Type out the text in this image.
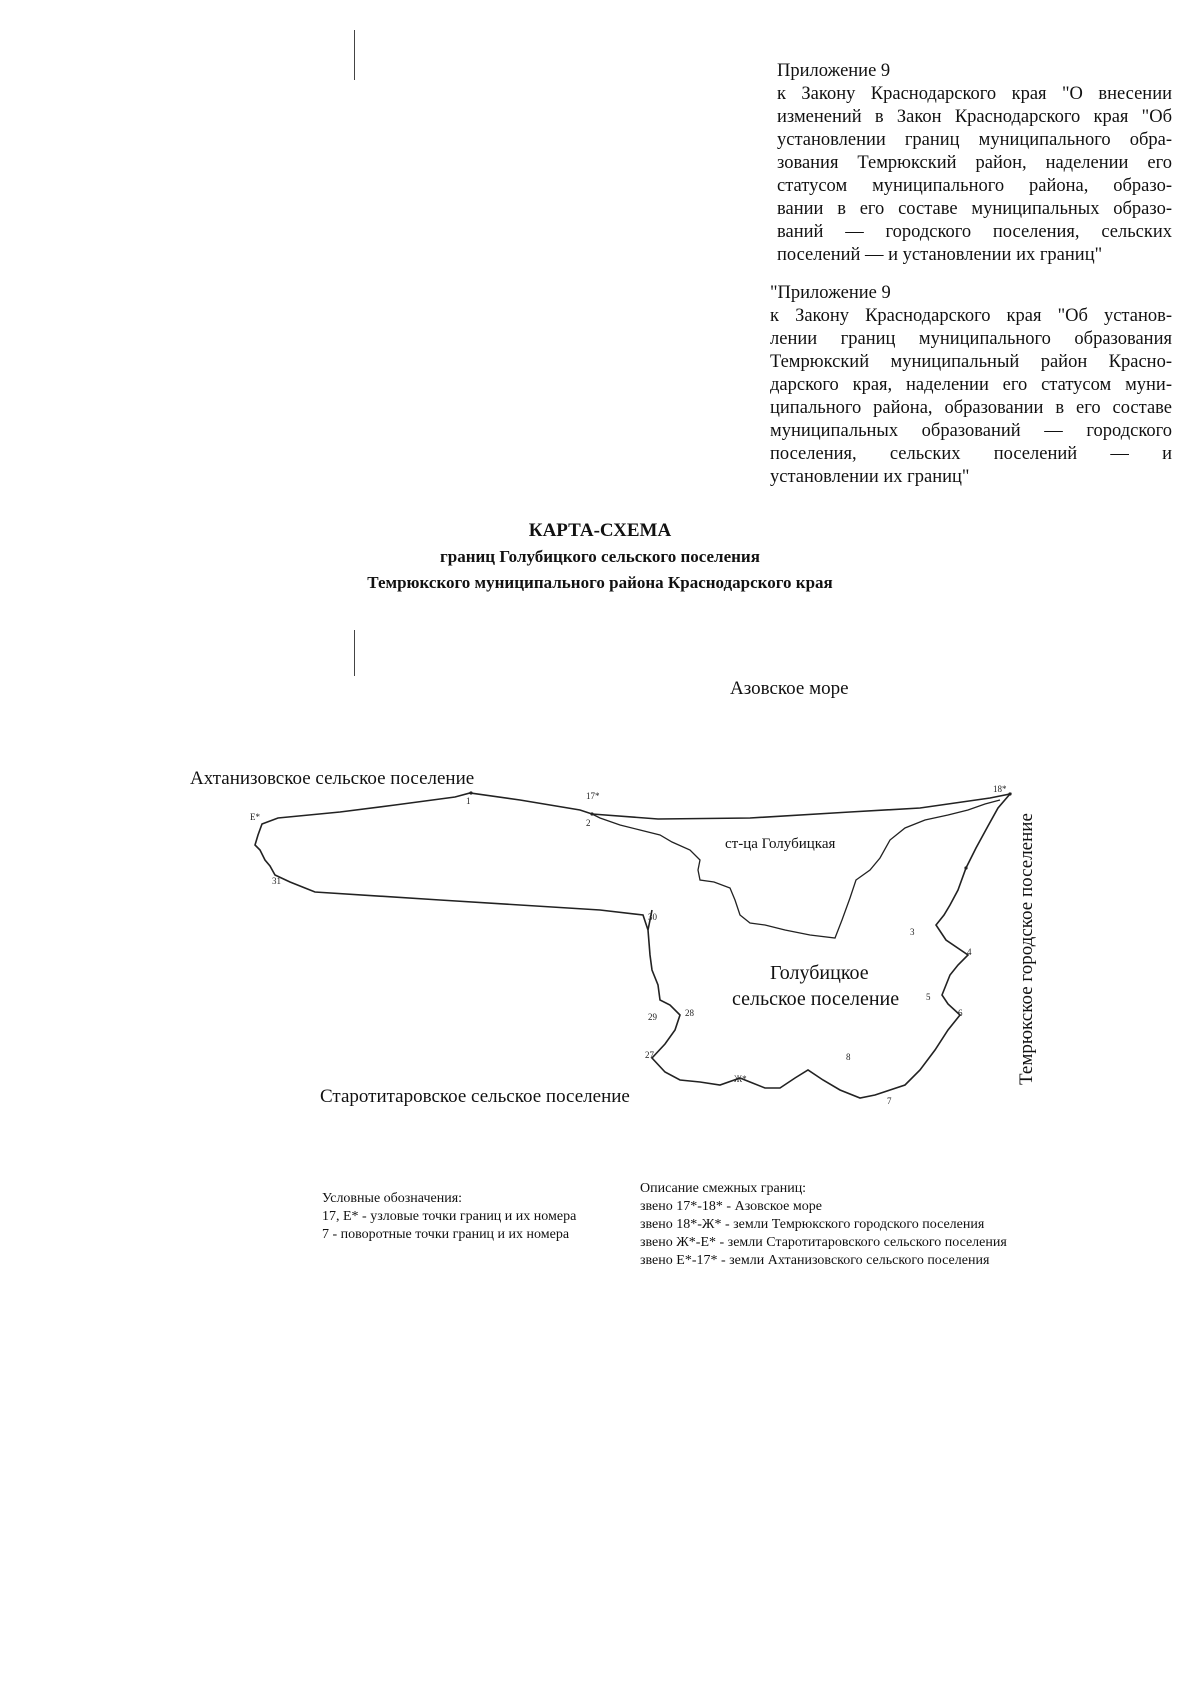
Приложение 9
к Закону Краснодарского края "О внесении
изменений в Закон Краснодарского края "Об
установлении границ муниципального обра-
зования Темрюкский район, наделении его
статусом муниципального района, образо-
вании в его составе муниципальных образо-
ваний — городского поселения, сельских
поселений — и установлении их границ"
"Приложение 9
к Закону Краснодарского края "Об установ-
лении границ муниципального образования
Темрюкский муниципальный район Красно-
дарского края, наделении его статусом муни-
ципального района, образовании в его составе
муниципальных образований — городского
поселения, сельских поселений — и
установлении их границ"
КАРТА-СХЕМА
границ Голубицкого сельского поселения
Темрюкского муниципального района Краснодарского края
1
2
3
4
5
6
7
8
27
28
29
30
31
Е*
17*
18*
Ж*
Азовское море
Ахтанизовское сельское поселение
Старотитаровское сельское поселение
Темрюкское городское поселение
ст-ца Голубицкая
Голубицкое
сельское поселение
Условные обозначения:
17, Е* - узловые точки границ и их номера
7 - поворотные точки границ и их номера
Описание смежных границ:
звено 17*-18* - Азовское море
звено 18*-Ж* - земли Темрюкского городского поселения
звено Ж*-Е* - земли Старотитаровского сельского поселения
звено Е*-17* - земли Ахтанизовского сельского поселения
